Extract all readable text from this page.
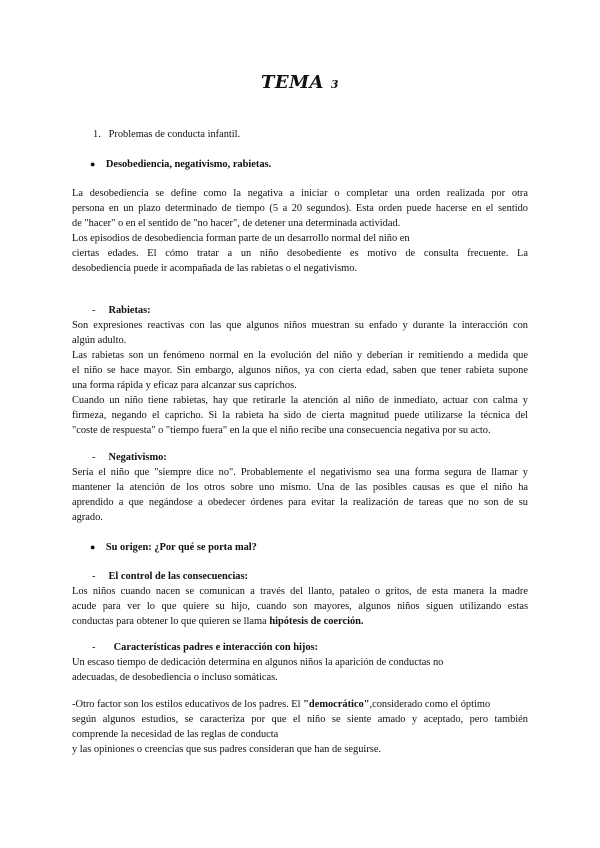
TEMA 3
1. Problemas de conducta infantil.
● Desobediencia, negativismo, rabietas.
La desobediencia se define como la negativa a iniciar o completar una orden realizada por otra
persona en un plazo determinado de tiempo (5 a 20 segundos). Esta orden puede hacerse en el sentido
de "hacer" o en el sentido de "no hacer", de detener una determinada actividad.
Los episodios de desobediencia forman parte de un desarrollo normal del niño en
ciertas edades. El cómo tratar a un niño desobediente es motivo de consulta frecuente. La
desobediencia puede ir acompañada de las rabietas o el negativismo.
- Rabietas:
Son expresiones reactivas con las que algunos niños muestran su enfado y durante la interacción con
algún adulto.
Las rabietas son un fenómeno normal en la evolución del niño y deberían ir remitiendo a medida que
el niño se hace mayor. Sin embargo, algunos niños, ya con cierta edad, saben que tener rabieta supone
una forma rápida y eficaz para alcanzar sus caprichos.
Cuando un niño tiene rabietas, hay que retirarle la atención al niño de inmediato, actuar con calma y
firmeza, negando el capricho. Si la rabieta ha sido de cierta magnitud puede utilizarse la técnica del
"coste de respuesta" o "tiempo fuera" en la que el niño recibe una consecuencia negativa por su acto.
- Negativismo:
Sería el niño que "siempre dice no". Probablemente el negativismo sea una forma segura de llamar y
mantener la atención de los otros sobre uno mismo. Una de las posibles causas es que el niño ha
aprendido a que negándose a obedecer órdenes para evitar la realización de tareas que no son de su
agrado.
● Su origen: ¿Por qué se porta mal?
- El control de las consecuencias:
Los niños cuando nacen se comunican a través del llanto, pataleo o gritos, de esta manera la madre
acude para ver lo que quiere su hijo, cuando son mayores, algunos niños siguen utilizando estas
conductas para obtener lo que quieren se llama hipótesis de coerción.
- Características padres e interacción con hijos:
Un escaso tiempo de dedicación determina en algunos niños la aparición de conductas no
adecuadas, de desobediencia o incluso somáticas.
-Otro factor son los estilos educativos de los padres. El "democrático",considerado como el óptimo
según algunos estudios, se caracteriza por que el niño se siente amado y aceptado, pero también
comprende la necesidad de las reglas de conducta
y las opiniones o creencias que sus padres consideran que han de seguirse.
